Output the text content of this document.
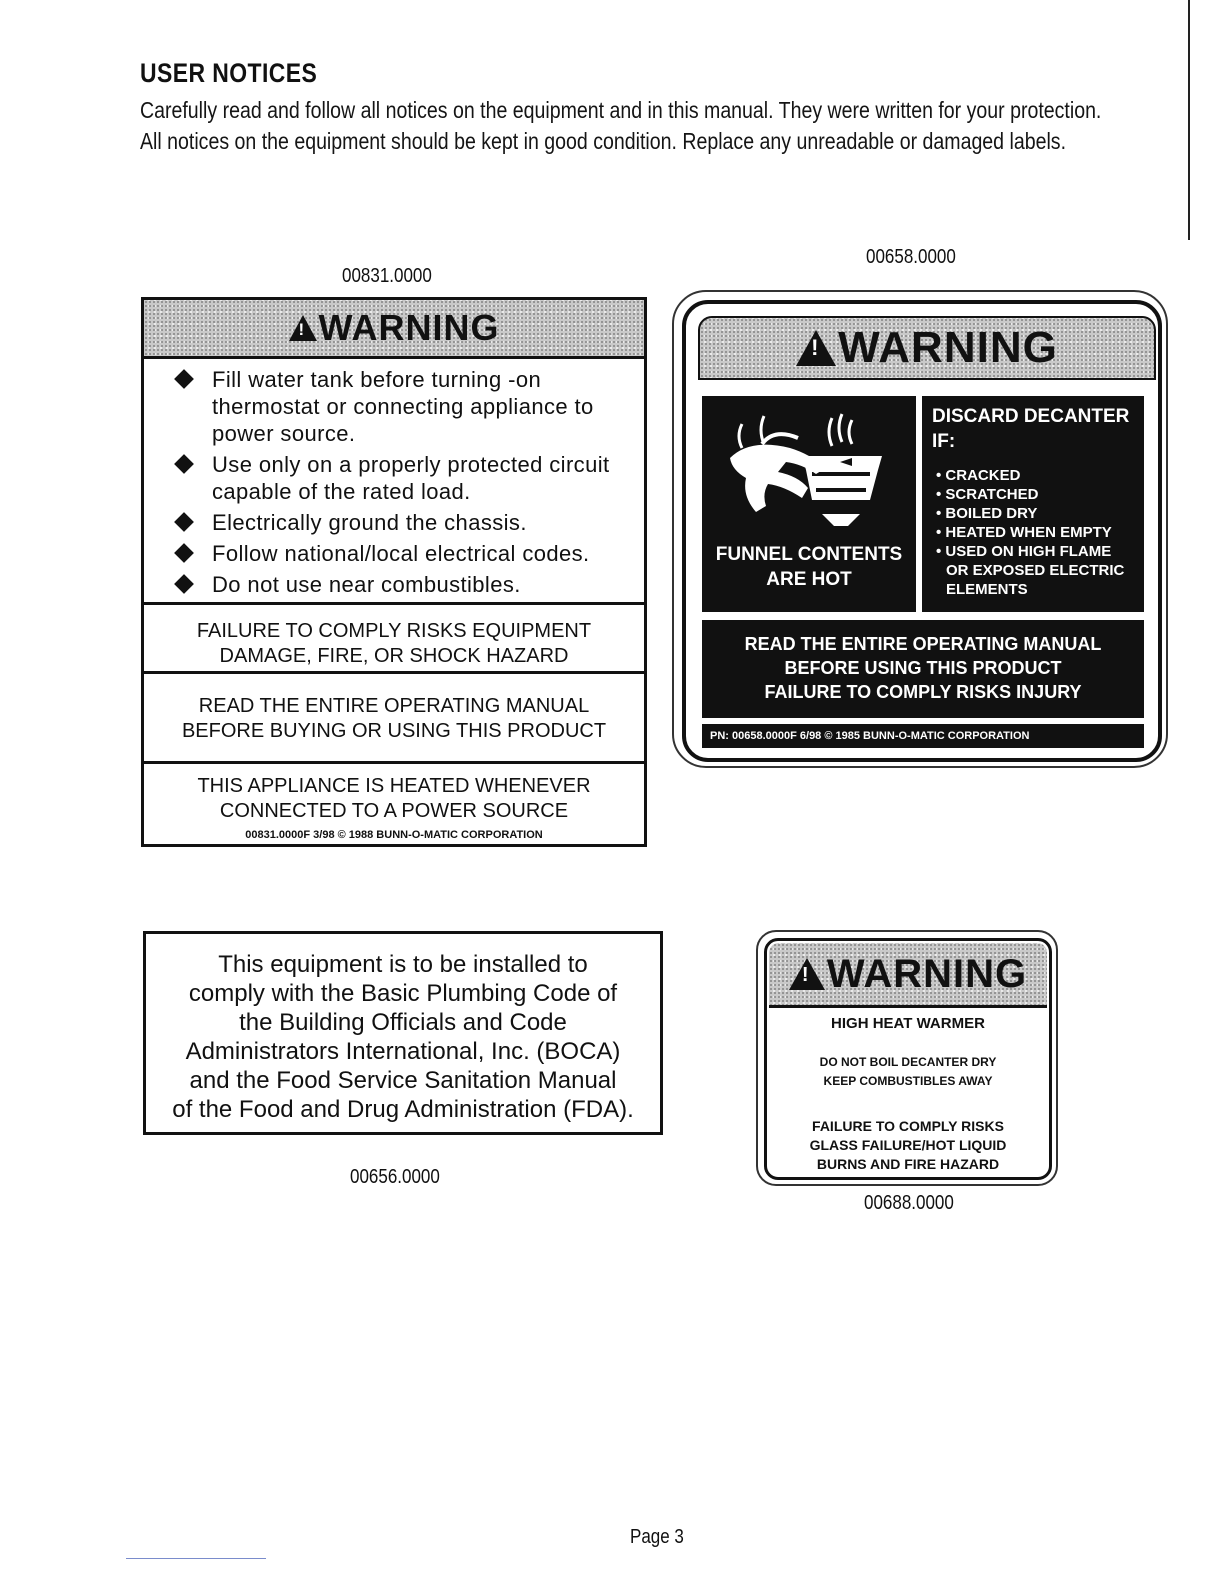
USER NOTICES
Carefully read and follow all notices on the equipment and in this manual. They were written for your protection.
All notices on the equipment should be kept in good condition. Replace any unreadable or damaged labels.
00831.0000
!
WARNING
Fill water tank before turning -on thermostat or connecting appliance to power source.
Use only on a properly protected circuit capable of the rated load.
Electrically ground the chassis.
Follow national/local electrical codes.
Do not use near combustibles.
FAILURE TO COMPLY RISKS EQUIPMENT
DAMAGE, FIRE, OR SHOCK HAZARD
READ THE ENTIRE OPERATING MANUAL
BEFORE BUYING OR USING THIS PRODUCT
THIS APPLIANCE IS HEATED WHENEVER
CONNECTED TO A POWER SOURCE
00831.0000F 3/98 © 1988 BUNN-O-MATIC CORPORATION
00658.0000
!
WARNING
FUNNEL CONTENTS
ARE HOT
DISCARD DECANTER
IF:
• CRACKED
• SCRATCHED
• BOILED DRY
• HEATED WHEN EMPTY
• USED ON HIGH FLAME
OR EXPOSED ELECTRIC
ELEMENTS
READ THE ENTIRE OPERATING MANUAL
BEFORE USING THIS PRODUCT
FAILURE TO COMPLY RISKS INJURY
PN: 00658.0000F 6/98 © 1985 BUNN-O-MATIC CORPORATION
This equipment is to be installed to
comply with the Basic Plumbing Code of
the Building Officials and Code
Administrators International, Inc. (BOCA)
and the Food Service Sanitation Manual
of the Food and Drug Administration (FDA).
00656.0000
!
WARNING
HIGH HEAT WARMER
DO NOT BOIL DECANTER DRY
KEEP COMBUSTIBLES AWAY
FAILURE TO COMPLY RISKS
GLASS FAILURE/HOT LIQUID
BURNS AND FIRE HAZARD
00688.0000
Page 3
